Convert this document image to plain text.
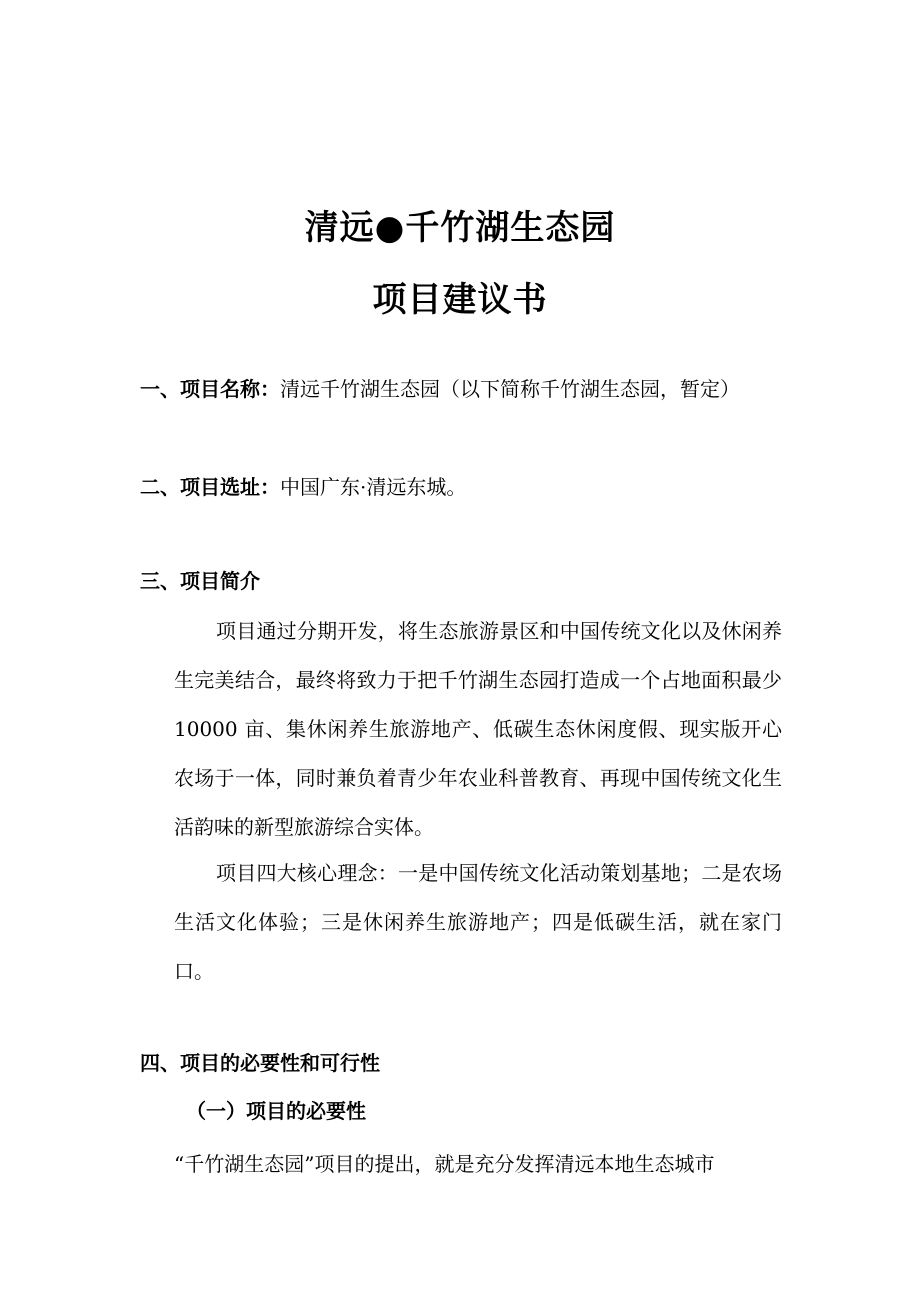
清远●千竹湖生态园
项目建议书
一、项目名称：清远千竹湖生态园（以下简称千竹湖生态园，暂定）
二、项目选址：中国广东·清远东城。
三、项目简介
项目通过分期开发，将生态旅游景区和中国传统文化以及休闲养生完美结合，最终将致力于把千竹湖生态园打造成一个占地面积最少 10000 亩、集休闲养生旅游地产、低碳生态休闲度假、现实版开心农场于一体，同时兼负着青少年农业科普教育、再现中国传统文化生活韵味的新型旅游综合实体。
项目四大核心理念：一是中国传统文化活动策划基地；二是农场生活文化体验；三是休闲养生旅游地产；四是低碳生活，就在家门口。
四、项目的必要性和可行性
（一）项目的必要性
“千竹湖生态园”项目的提出，就是充分发挥清远本地生态城市
